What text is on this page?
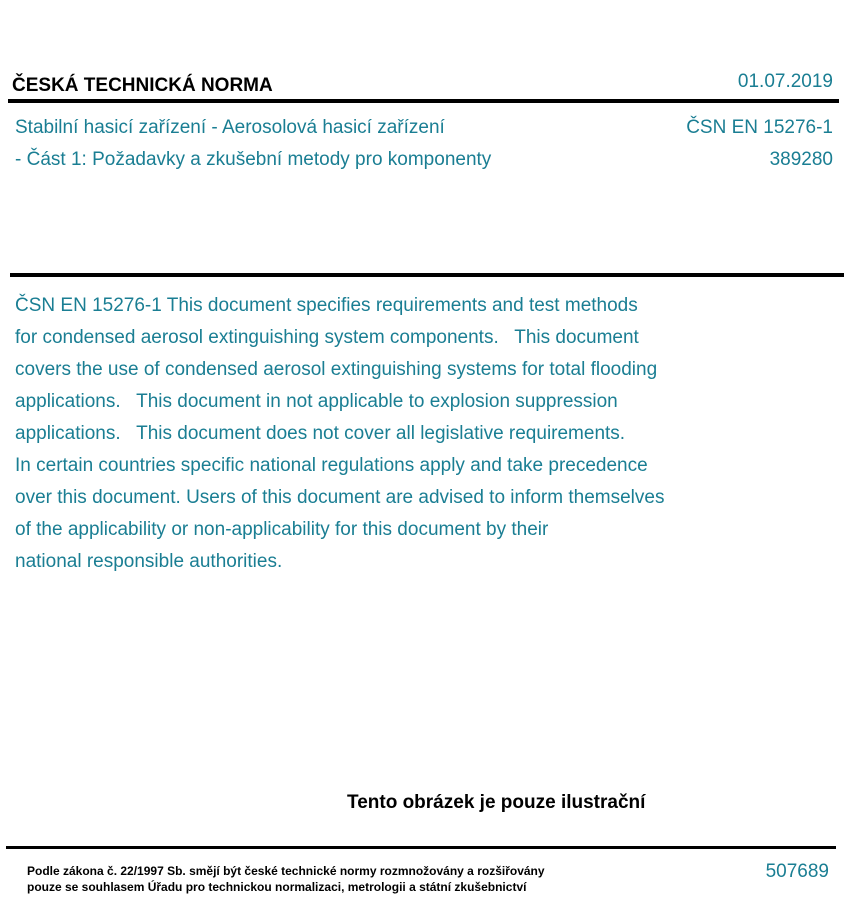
ČESKÁ TECHNICKÁ NORMA	01.07.2019
Stabilní hasicí zařízení - Aerosolová hasicí zařízení
- Část 1: Požadavky a zkušební metody pro komponenty
ČSN EN 15276-1
389280
ČSN EN 15276-1 This document specifies requirements and test methods
for condensed aerosol extinguishing system components.   This document
covers the use of condensed aerosol extinguishing systems for total flooding
applications.   This document in not applicable to explosion suppression
applications.   This document does not cover all legislative requirements.
In certain countries specific national regulations apply and take precedence
over this document. Users of this document are advised to inform themselves
of the applicability or non-applicability for this document by their
national responsible authorities.
Tento obrázek je pouze ilustrační
Podle zákona č. 22/1997 Sb. smějí být české technické normy rozmnožovány a rozšiřovány
pouze se souhlasem Úřadu pro technickou normalizaci, metrologii a státní zkušebnictví
507689
